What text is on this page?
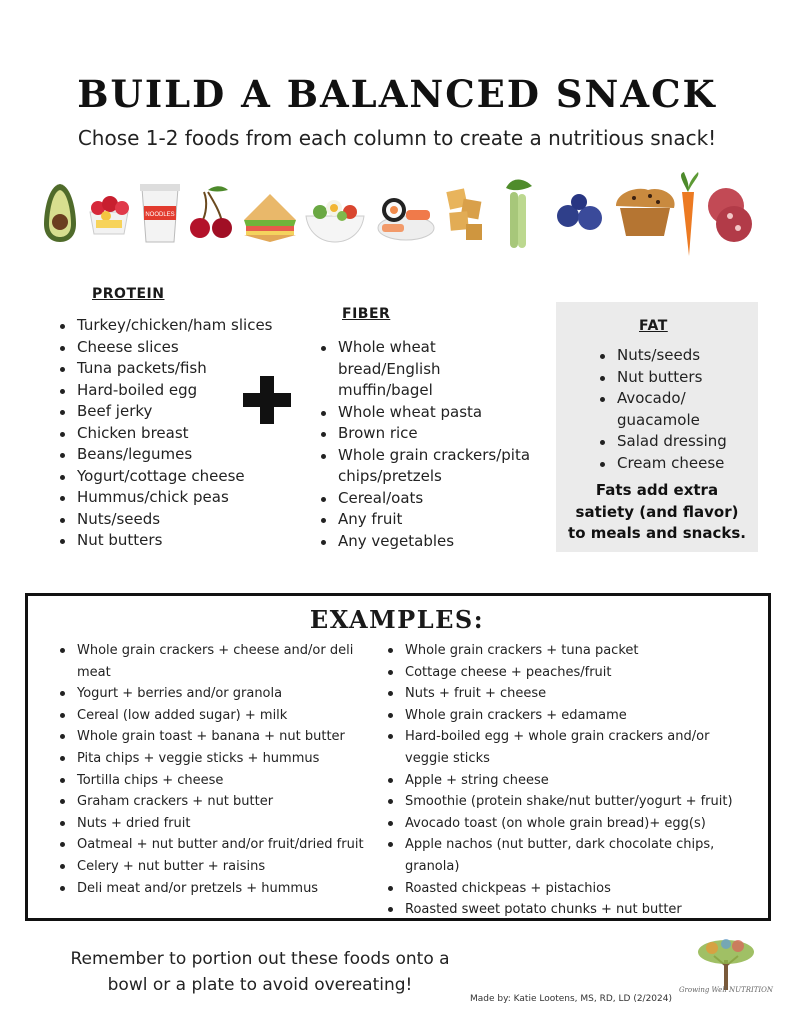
BUILD A BALANCED SNACK
Chose 1-2 foods from each column to create a nutritious snack!
NOODLES
PROTEIN
Turkey/chicken/ham slices
Cheese slices
Tuna packets/fish
Hard-boiled egg
Beef jerky
Chicken breast
Beans/legumes
Yogurt/cottage cheese
Hummus/chick peas
Nuts/seeds
Nut butters
FIBER
Whole wheat bread/English muffin/bagel
Whole wheat pasta
Brown rice
Whole grain crackers/pita chips/pretzels
Cereal/oats
Any fruit
Any vegetables
FAT
Nuts/seeds
Nut butters
Avocado/ guacamole
Salad dressing
Cream cheese
Fats add extra satiety (and flavor) to meals and snacks.
EXAMPLES:
Whole grain crackers + cheese and/or deli meat
Yogurt + berries and/or granola
Cereal (low added sugar) + milk
Whole grain toast + banana + nut butter
Pita chips + veggie sticks + hummus
Tortilla chips + cheese
Graham crackers + nut butter
Nuts + dried fruit
Oatmeal + nut butter and/or fruit/dried fruit
Celery + nut butter + raisins
Deli meat and/or pretzels + hummus
Whole grain crackers + tuna packet
Cottage cheese + peaches/fruit
Nuts + fruit + cheese
Whole grain crackers + edamame
Hard-boiled egg + whole grain crackers and/or veggie sticks
Apple + string cheese
Smoothie (protein shake/nut butter/yogurt + fruit)
Avocado toast (on whole grain bread)+ egg(s)
Apple nachos (nut butter, dark chocolate chips, granola)
Roasted chickpeas + pistachios
Roasted sweet potato chunks + nut butter
Remember to portion out these foods onto a bowl or a plate to avoid overeating!	Growing Well NUTRITION
Made by: Katie Lootens, MS, RD, LD (2/2024)
